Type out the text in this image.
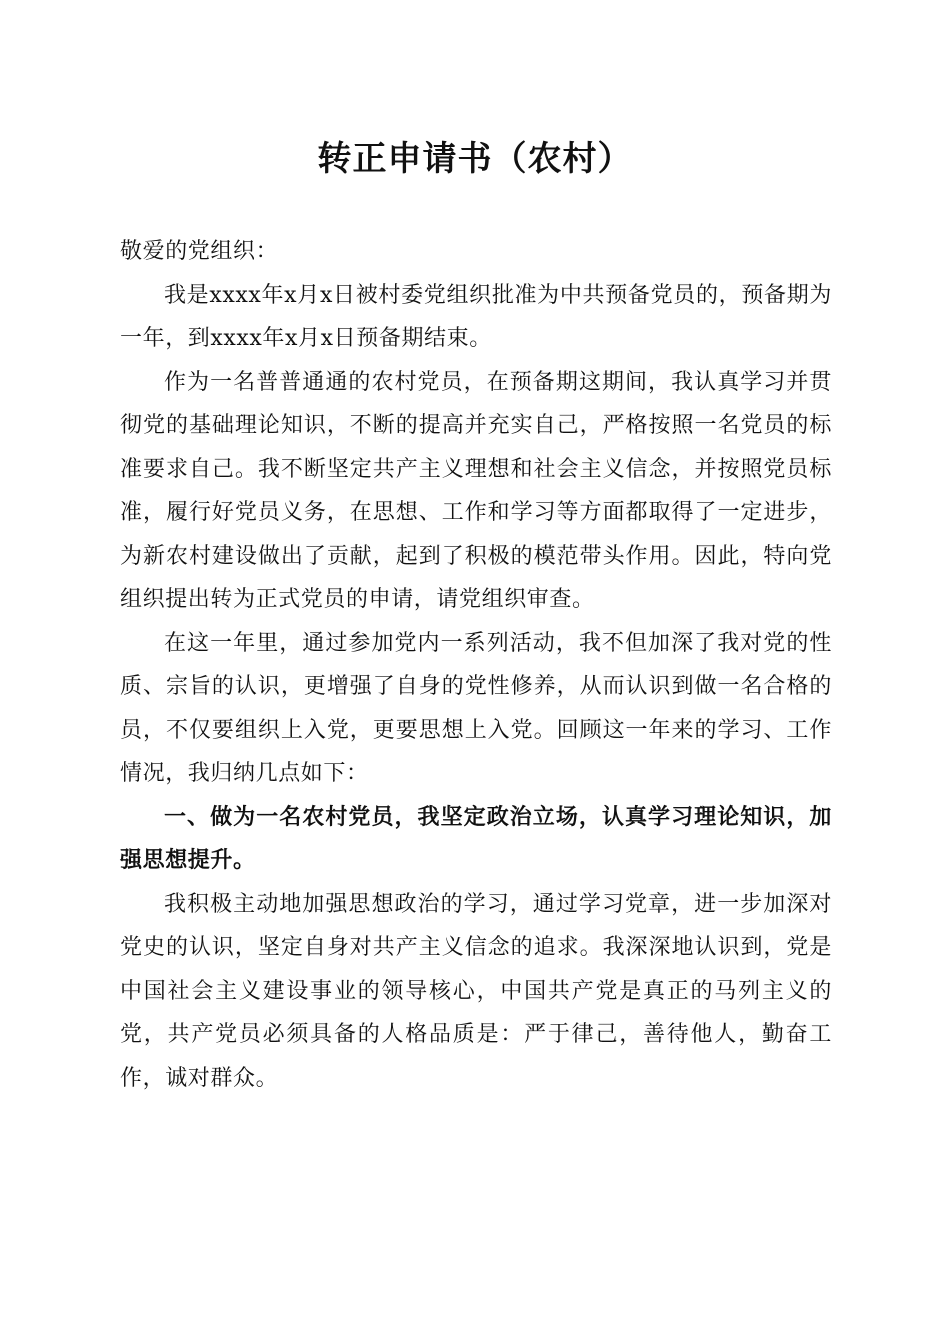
转正申请书（农村）

敬爱的党组织：

我是xxxx年x月x日被村委党组织批准为中共预备党员的，预备期为一年，到xxxx年x月x日预备期结束。

作为一名普普通通的农村党员，在预备期这期间，我认真学习并贯彻党的基础理论知识，不断的提高并充实自己，严格按照一名党员的标准要求自己。我不断坚定共产主义理想和社会主义信念，并按照党员标准，履行好党员义务，在思想、工作和学习等方面都取得了一定进步，为新农村建设做出了贡献，起到了积极的模范带头作用。因此，特向党组织提出转为正式党员的申请，请党组织审查。

在这一年里，通过参加党内一系列活动，我不但加深了我对党的性质、宗旨的认识，更增强了自身的党性修养，从而认识到做一名合格的员，不仅要组织上入党，更要思想上入党。回顾这一年来的学习、工作情况，我归纳几点如下：

一、做为一名农村党员，我坚定政治立场，认真学习理论知识，加强思想提升。

我积极主动地加强思想政治的学习，通过学习党章，进一步加深对党史的认识，坚定自身对共产主义信念的追求。我深深地认识到，党是中国社会主义建设事业的领导核心，中国共产党是真正的马列主义的党，共产党员必须具备的人格品质是：严于律己，善待他人，勤奋工作，诚对群众。
